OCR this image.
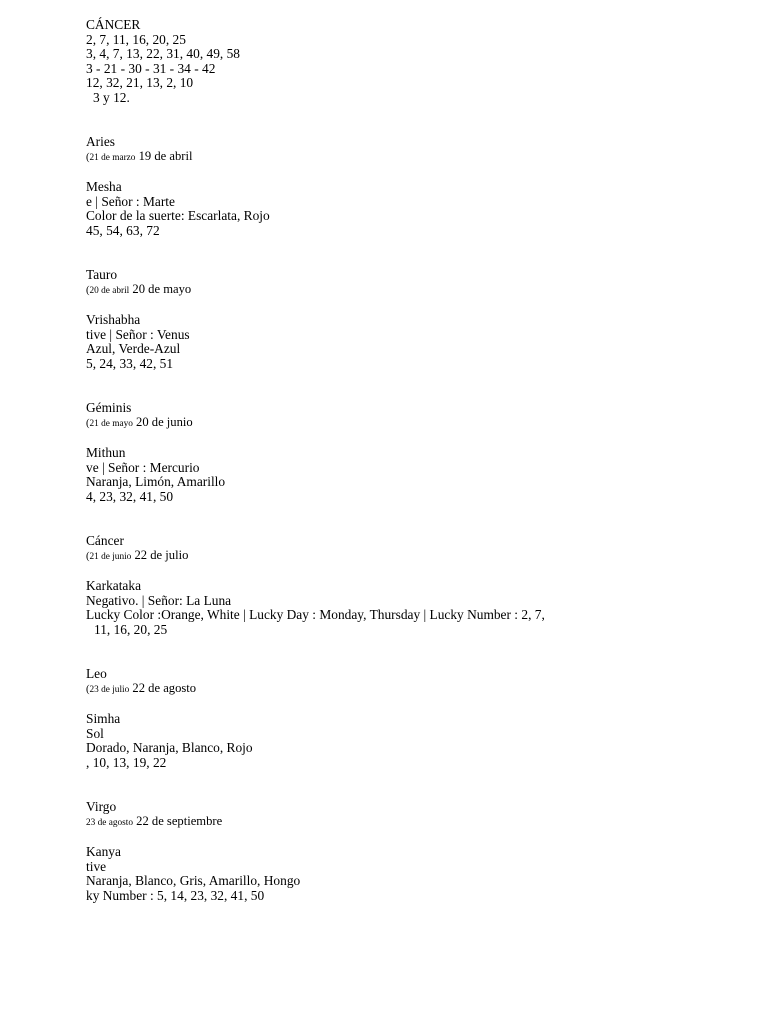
CÁNCER

2, 7, 11, 16, 20, 25

3, 4, 7, 13, 22, 31, 40, 49, 58

3 - 21 - 30 - 31 - 34 - 42

12, 32, 21, 13, 2, 10

3 y 12.

Aries
(21 de marzo 19 de abril

Mesha

e | Señor : Marte

Color de la suerte: Escarlata, Rojo

45, 54, 63, 72

Tauro
(20 de abril 20 de mayo

Vrishabha

tive | Señor : Venus

Azul, Verde-Azul

5, 24, 33, 42, 51

Géminis
(21 de mayo 20 de junio

Mithun

ve | Señor : Mercurio

Naranja, Limón, Amarillo

4, 23, 32, 41, 50

Cáncer
(21 de junio 22 de julio

Karkataka

Negativo. | Señor: La Luna

Lucky Color :Orange, White | Lucky Day : Monday, Thursday | Lucky Number : 2, 7,

11, 16, 20, 25

Leo
(23 de julio 22 de agosto

Simha

Sol

Dorado, Naranja, Blanco, Rojo

, 10, 13, 19, 22

Virgo
23 de agosto 22 de septiembre

Kanya

tive

Naranja, Blanco, Gris, Amarillo, Hongo

ky Number : 5, 14, 23, 32, 41, 50
